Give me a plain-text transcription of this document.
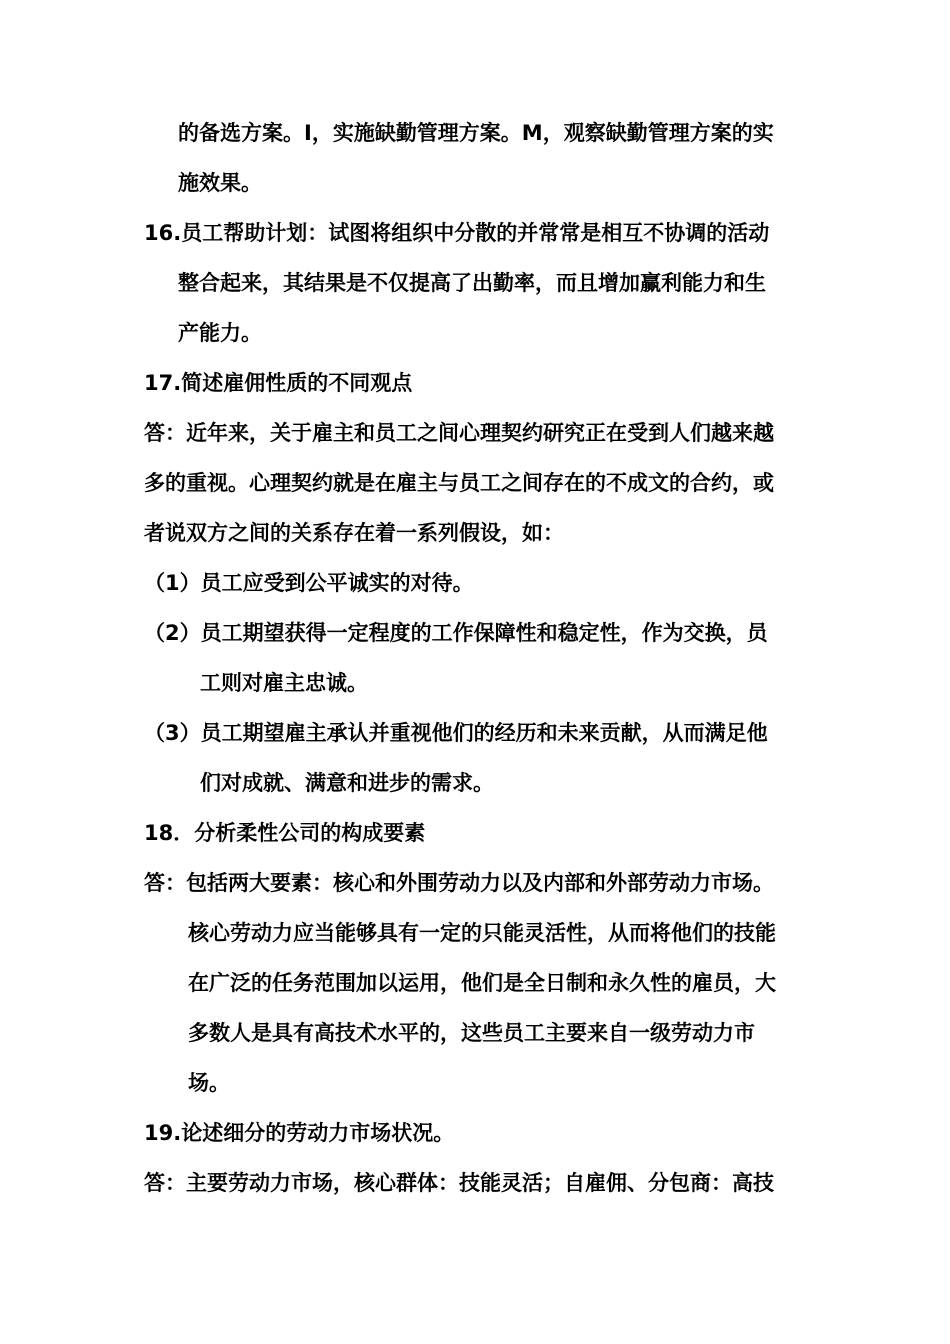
的备选方案。I，实施缺勤管理方案。M，观察缺勤管理方案的实
施效果。
16.员工帮助计划：试图将组织中分散的并常常是相互不协调的活动
整合起来，其结果是不仅提高了出勤率，而且增加赢利能力和生
产能力。
17.简述雇佣性质的不同观点
答：近年来，关于雇主和员工之间心理契约研究正在受到人们越来越
多的重视。心理契约就是在雇主与员工之间存在的不成文的合约，或
者说双方之间的关系存在着一系列假设，如：
（1）员工应受到公平诚实的对待。
（2）员工期望获得一定程度的工作保障性和稳定性，作为交换，员
工则对雇主忠诚。
（3）员工期望雇主承认并重视他们的经历和未来贡献，从而满足他
们对成就、满意和进步的需求。
18．分析柔性公司的构成要素
答：包括两大要素：核心和外围劳动力以及内部和外部劳动力市场。
核心劳动力应当能够具有一定的只能灵活性，从而将他们的技能
在广泛的任务范围加以运用，他们是全日制和永久性的雇员，大
多数人是具有高技术水平的，这些员工主要来自一级劳动力市
场。
19.论述细分的劳动力市场状况。
答：主要劳动力市场，核心群体：技能灵活；自雇佣、分包商：高技
